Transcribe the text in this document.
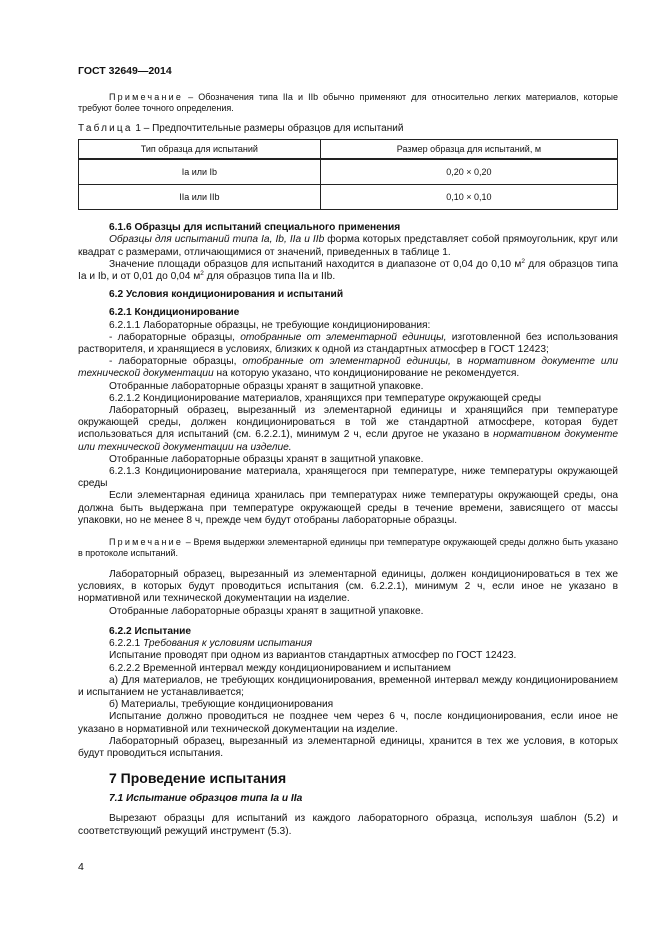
ГОСТ 32649—2014

Примечание – Обозначения типа IIa и IIb обычно применяют для относительно легких материалов, которые требуют более точного определения.

Таблица 1 – Предпочтительные размеры образцов для испытаний

Тип образца для испытаний	Размер образца для испытаний, м
Ia или Ib	0,20 × 0,20
IIa или IIb	0,10 × 0,10

6.1.6 Образцы для испытаний специального применения

Образцы для испытаний типа Ia, Ib, IIa и IIb форма которых представляет собой прямоугольник, круг или квадрат с размерами, отличающимися от значений, приведенных в таблице 1.

Значение площади образцов для испытаний находится в диапазоне от 0,04 до 0,10 $м^2$ для образцов типа Ia и Ib, и от 0,01 до 0,04 $м^2$ для образцов типа IIa и IIb.

6.2 Условия кондиционирования и испытаний

6.2.1 Кондиционирование

6.2.1.1 Лабораторные образцы, не требующие кондиционирования:

- лабораторные образцы, отобранные от элементарной единицы, изготовленной без использования растворителя, и хранящиеся в условиях, близких к одной из стандартных атмосфер в ГОСТ 12423;

- лабораторные образцы, отобранные от элементарной единицы, в нормативном документе или технической документации на которую указано, что кондиционирование не рекомендуется.

Отобранные лабораторные образцы хранят в защитной упаковке.

6.2.1.2 Кондиционирование материалов, хранящихся при температуре окружающей среды

Лабораторный образец, вырезанный из элементарной единицы и хранящийся при температуре окружающей среды, должен кондиционироваться в той же стандартной атмосфере, которая будет использоваться для испытаний (см. 6.2.2.1), минимум 2 ч, если другое не указано в нормативном документе или технической документации на изделие.

Отобранные лабораторные образцы хранят в защитной упаковке.

6.2.1.3 Кондиционирование материала, хранящегося при температуре, ниже температуры окружающей среды

Если элементарная единица хранилась при температурах ниже температуры окружающей среды, она должна быть выдержана при температуре окружающей среды в течение времени, зависящего от массы упаковки, но не менее 8 ч, прежде чем будут отобраны лабораторные образцы.

Примечание – Время выдержки элементарной единицы при температуре окружающей среды должно быть указано в протоколе испытаний.

Лабораторный образец, вырезанный из элементарной единицы, должен кондиционироваться в тех же условиях, в которых будут проводиться испытания (см. 6.2.2.1), минимум 2 ч, если иное не указано в нормативной или технической документации на изделие.

Отобранные лабораторные образцы хранят в защитной упаковке.

6.2.2 Испытание

6.2.2.1 Требования к условиям испытания

Испытание проводят при одном из вариантов стандартных атмосфер по ГОСТ 12423.

6.2.2.2 Временной интервал между кондиционированием и испытанием

а) Для материалов, не требующих кондиционирования, временной интервал между кондиционированием и испытанием не устанавливается;

б) Материалы, требующие кондиционирования

Испытание должно проводиться не позднее чем через 6 ч, после кондиционирования, если иное не указано в нормативной или технической документации на изделие.

Лабораторный образец, вырезанный из элементарной единицы, хранится в тех же условия, в которых будут проводиться испытания.

7 Проведение испытания

7.1 Испытание образцов типа Ia и IIa

Вырезают образцы для испытаний из каждого лабораторного образца, используя шаблон (5.2) и соответствующий режущий инструмент (5.3).

4
